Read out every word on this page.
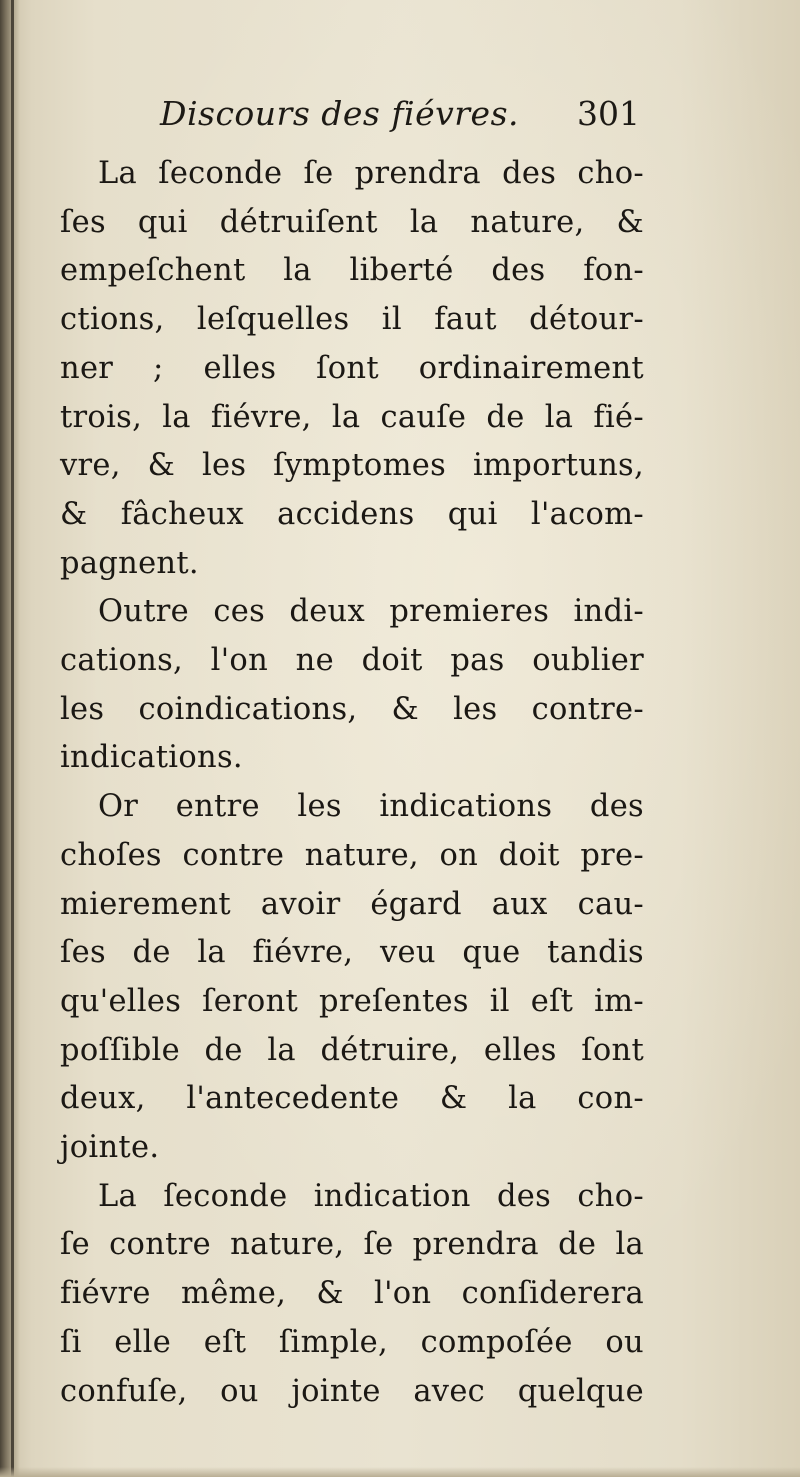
Discours des fiévres. 301
La ſeconde ſe prendra des cho-
ſes qui détruiſent la nature, &
empeſchent la liberté des fon-
ctions, leſquelles il faut détour-
ner ; elles ſont ordinairement
trois, la fiévre, la cauſe de la fié-
vre, & les ſymptomes importuns,
& fâcheux accidens qui l'acom-
pagnent.
Outre ces deux premieres indi-
cations, l'on ne doit pas oublier
les coindications, & les contre-
indications.
Or entre les indications des
choſes contre nature, on doit pre-
mierement avoir égard aux cau-
ſes de la fiévre, veu que tandis
qu'elles ſeront preſentes il eſt im-
poſſible de la détruire, elles ſont
deux, l'antecedente & la con-
jointe.
La ſeconde indication des cho-
ſe contre nature, ſe prendra de la
fiévre même, & l'on conſiderera
ſi elle eſt ſimple, compoſée ou
confuſe, ou jointe avec quelque
